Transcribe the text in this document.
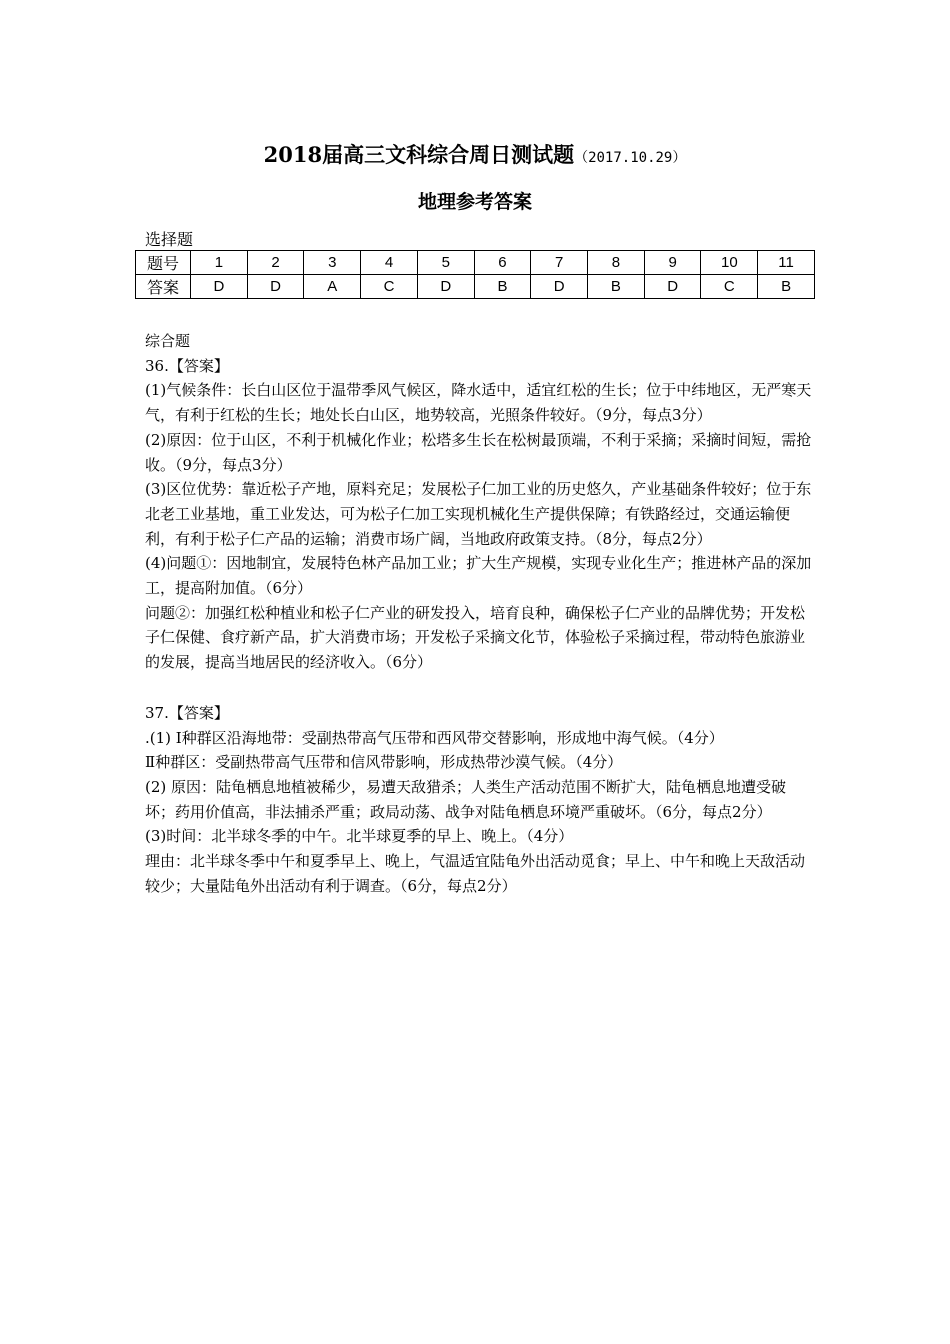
2018届高三文科综合周日测试题（2017.10.29）
地理参考答案
选择题
题号	1	2	3	4	5	6	7	8	9	10	11
答案	D	D	A	C	D	B	D	B	D	C	B

综合题

36.【答案】

(1)气候条件：长白山区位于温带季风气候区，降水适中，适宜红松的生长；位于中纬地区，无严寒天气，有利于红松的生长；地处长白山区，地势较高，光照条件较好。（9分，每点3分）

(2)原因：位于山区，不利于机械化作业；松塔多生长在松树最顶端，不利于采摘；采摘时间短，需抢收。（9分，每点3分）

(3)区位优势：靠近松子产地，原料充足；发展松子仁加工业的历史悠久，产业基础条件较好；位于东北老工业基地，重工业发达，可为松子仁加工实现机械化生产提供保障；有铁路经过，交通运输便利，有利于松子仁产品的运输；消费市场广阔，当地政府政策支持。（8分，每点2分）

(4)问题①：因地制宜，发展特色林产品加工业；扩大生产规模，实现专业化生产；推进林产品的深加工，提高附加值。（6分）

问题②：加强红松种植业和松子仁产业的研发投入，培育良种，确保松子仁产业的品牌优势；开发松子仁保健、食疗新产品，扩大消费市场；开发松子采摘文化节，体验松子采摘过程，带动特色旅游业的发展，提高当地居民的经济收入。（6分）

37.【答案】

.(1) Ⅰ种群区沿海地带：受副热带高气压带和西风带交替影响，形成地中海气候。（4分）

Ⅱ种群区：受副热带高气压带和信风带影响，形成热带沙漠气候。（4分）

(2) 原因：陆龟栖息地植被稀少，易遭天敌猎杀；人类生产活动范围不断扩大，陆龟栖息地遭受破坏；药用价值高，非法捕杀严重；政局动荡、战争对陆龟栖息环境严重破坏。（6分，每点2分）

(3)时间：北半球冬季的中午。北半球夏季的早上、晚上。（4分）

理由：北半球冬季中午和夏季早上、晚上，气温适宜陆龟外出活动觅食；早上、中午和晚上天敌活动较少；大量陆龟外出活动有利于调查。（6分，每点2分）
